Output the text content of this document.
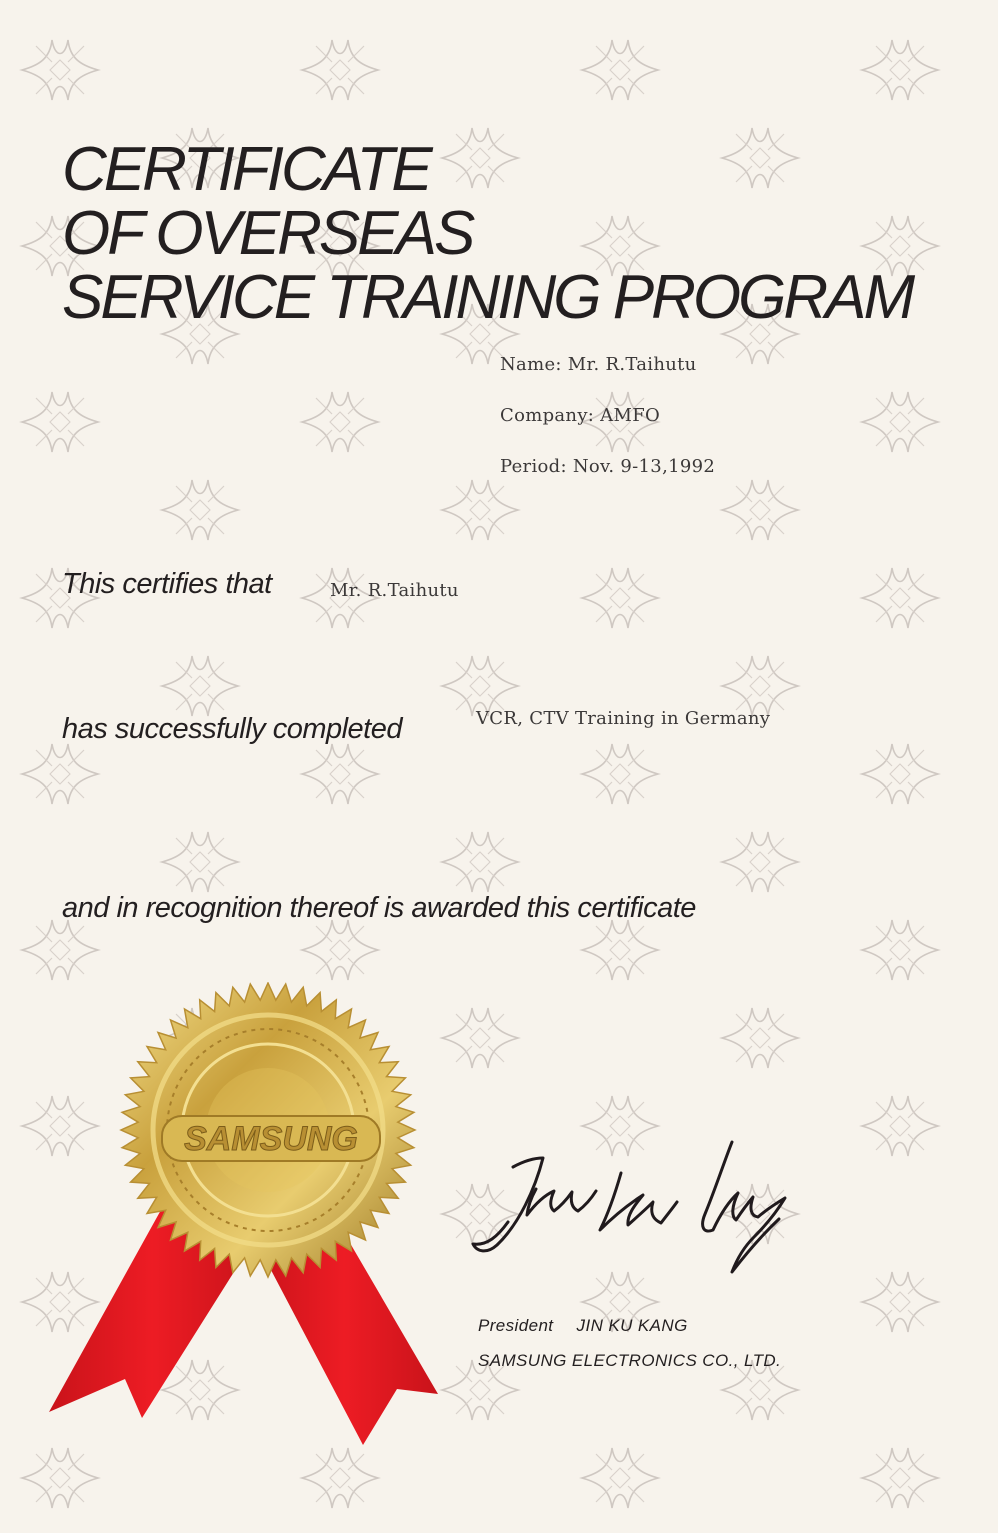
CERTIFICATE
OF OVERSEAS
SERVICE TRAINING PROGRAM
Name: Mr. R.Taihutu
Company: AMFO
Period: Nov. 9-13,1992

This certifies that	Mr. R.Taihutu

has successfully completed	VCR, CTV Training in Germany

and in recognition thereof is awarded this certificate

SAMSUNG
President JIN KU KANG
SAMSUNG ELECTRONICS CO., LTD.
